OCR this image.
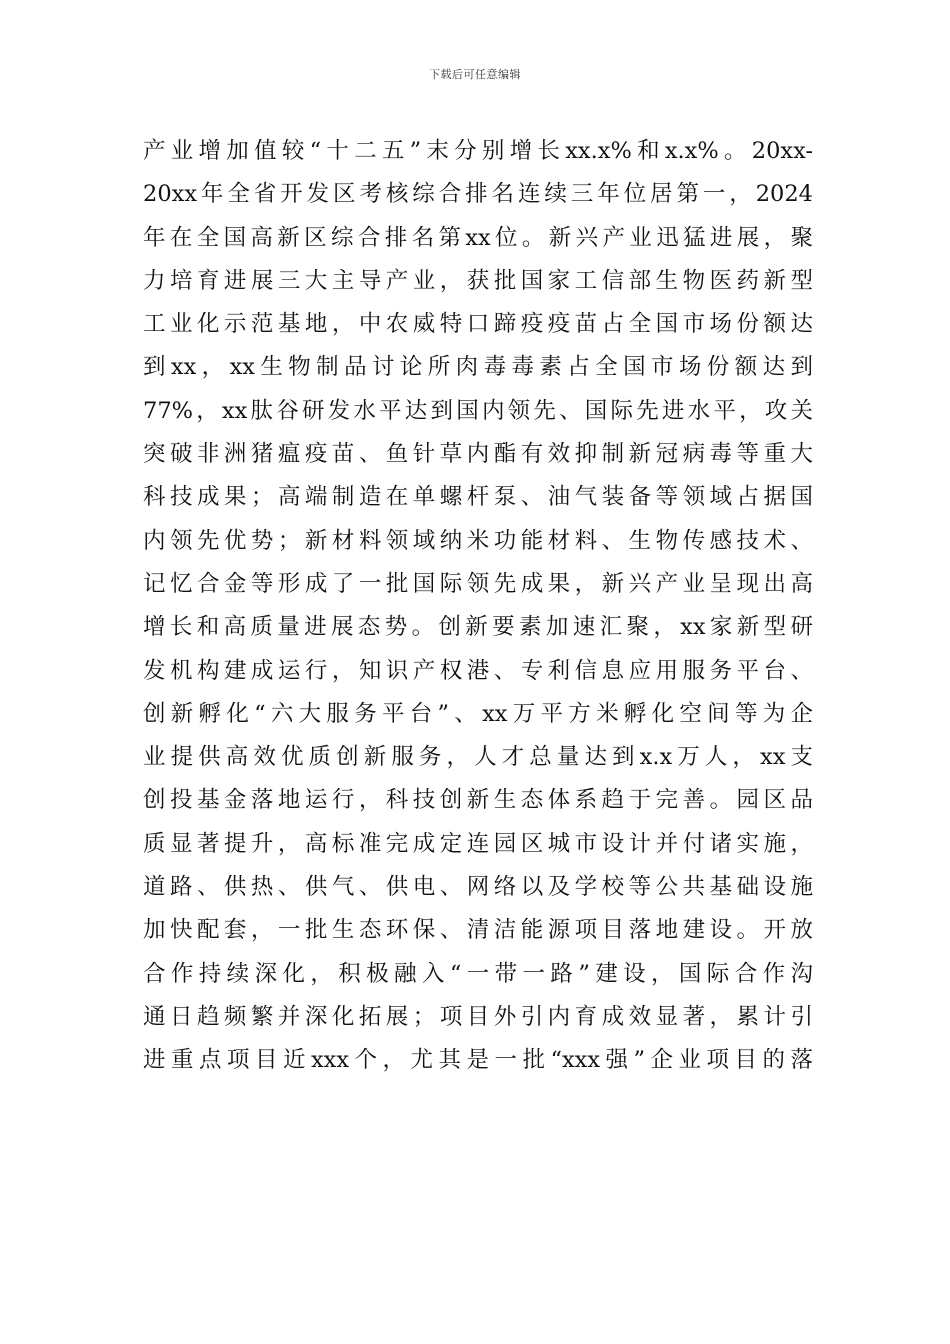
下载后可任意编辑
产业增加值较“十二五”末分别增长xx.x%和x.x%。20xx-
20xx年全省开发区考核综合排名连续三年位居第一，2024
年在全国高新区综合排名第xx位。新兴产业迅猛进展，聚
力培育进展三大主导产业，获批国家工信部生物医药新型
工业化示范基地，中农威特口蹄疫疫苗占全国市场份额达
到xx，xx生物制品讨论所肉毒毒素占全国市场份额达到
77%，xx肽谷研发水平达到国内领先、国际先进水平，攻关
突破非洲猪瘟疫苗、鱼针草内酯有效抑制新冠病毒等重大
科技成果；高端制造在单螺杆泵、油气装备等领域占据国
内领先优势；新材料领域纳米功能材料、生物传感技术、
记忆合金等形成了一批国际领先成果，新兴产业呈现出高
增长和高质量进展态势。创新要素加速汇聚，xx家新型研
发机构建成运行，知识产权港、专利信息应用服务平台、
创新孵化“六大服务平台”、xx万平方米孵化空间等为企
业提供高效优质创新服务，人才总量达到x.x万人，xx支
创投基金落地运行，科技创新生态体系趋于完善。园区品
质显著提升，高标准完成定连园区城市设计并付诸实施，
道路、供热、供气、供电、网络以及学校等公共基础设施
加快配套，一批生态环保、清洁能源项目落地建设。开放
合作持续深化，积极融入“一带一路”建设，国际合作沟
通日趋频繁并深化拓展；项目外引内育成效显著，累计引
进重点项目近xxx个，尤其是一批“xxx强”企业项目的落
